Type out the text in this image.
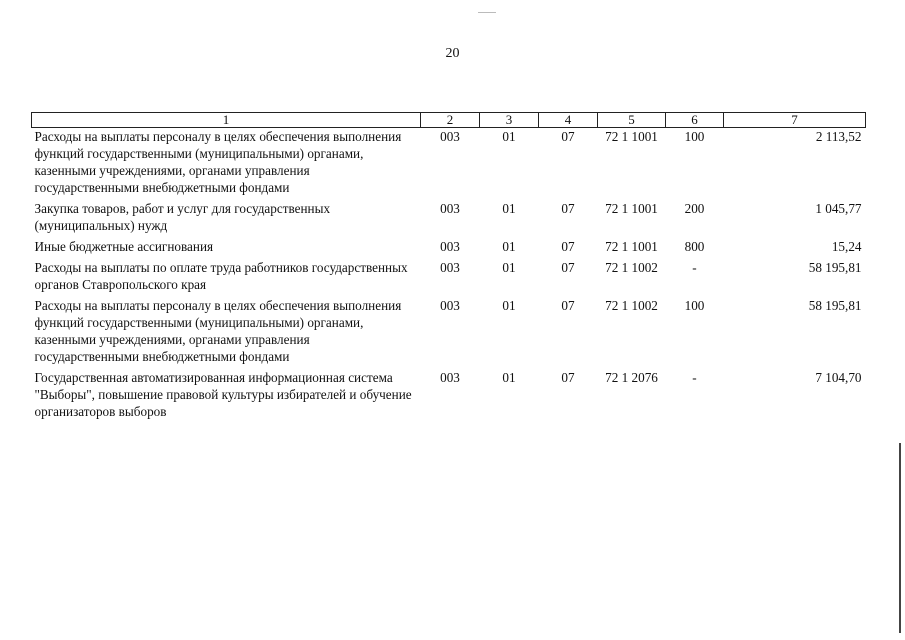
20
1	2	3	4	5	6	7
Расходы на выплаты персоналу в целях обеспечения выполнения функций государственными (муниципальными) органами, казенными учреждениями, органами управления государственными внебюджетными фондами	003	01	07	72 1 1001	100	2 113,52
Закупка товаров, работ и услуг для государственных (муниципальных) нужд	003	01	07	72 1 1001	200	1 045,77
Иные бюджетные ассигнования	003	01	07	72 1 1001	800	15,24
Расходы на выплаты по оплате труда работников государственных органов Ставропольского края	003	01	07	72 1 1002	-	58 195,81
Расходы на выплаты персоналу в целях обеспечения выполнения функций государственными (муниципальными) органами, казенными учреждениями, органами управления государственными внебюджетными фондами	003	01	07	72 1 1002	100	58 195,81
Государственная автоматизированная информационная система "Выборы", повышение правовой культуры избирателей и обучение организаторов выборов	003	01	07	72 1 2076	-	7 104,70
